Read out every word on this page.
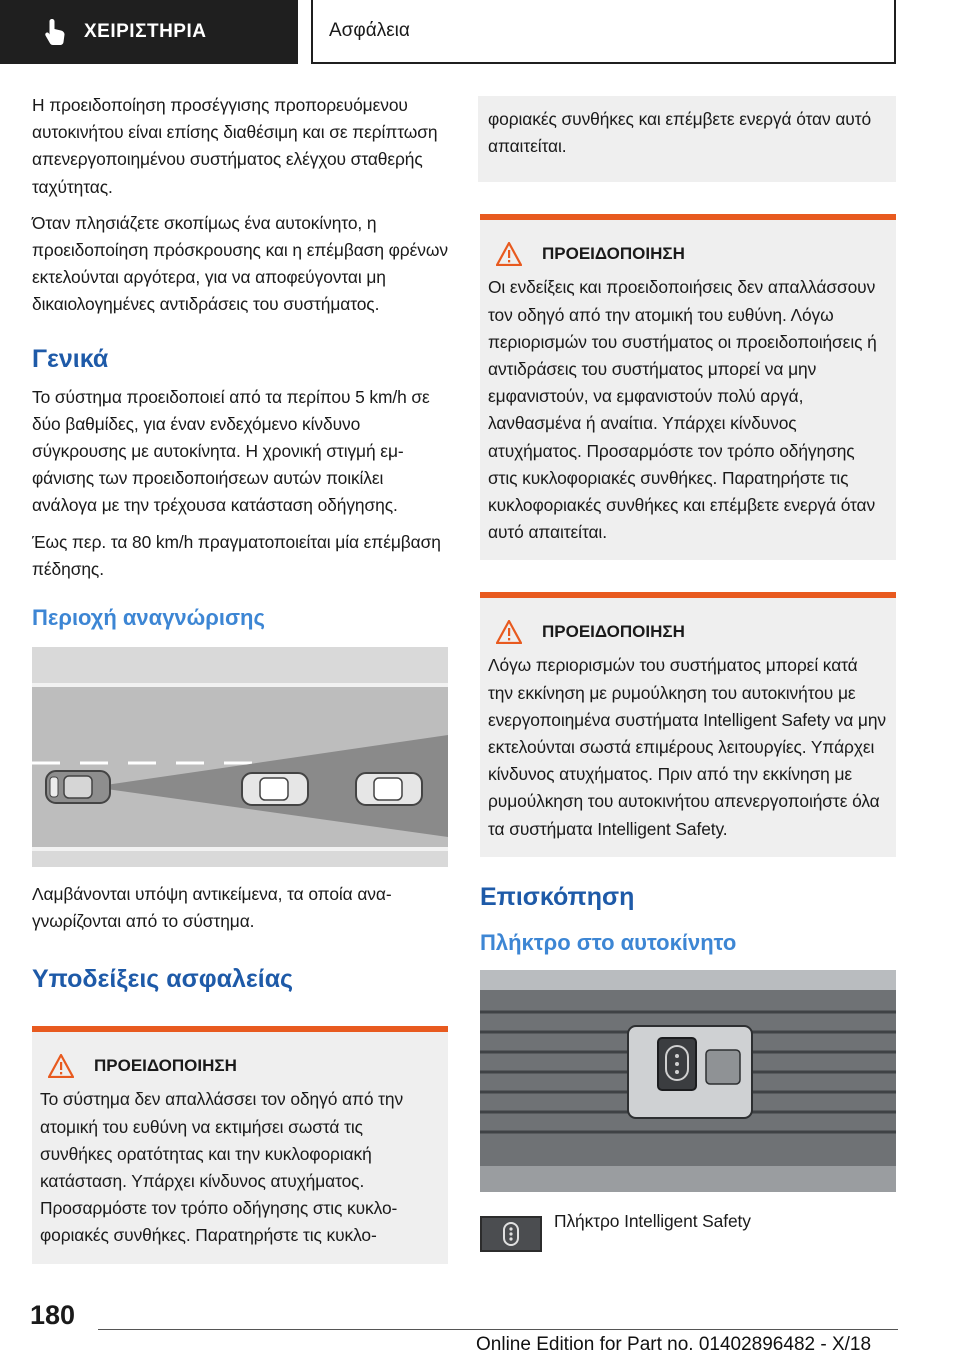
ΧΕΙΡΙΣΤΗΡΙΑ	Ασφάλεια

Η προειδοποίηση προσέγγισης προπορευόμενου αυτοκινήτου είναι επίσης διαθέσιμη και σε περίπτωση απενεργοποιημένου συστήματος ελέγχου σταθερής ταχύτητας.

Όταν πλησιάζετε σκοπίμως ένα αυτοκίνητο, η προειδοποίηση πρόσκρουσης και η επέμβαση φρένων εκτελούνται αργότερα, για να αποφεύγονται μη δικαιολογημένες αντιδράσεις του συστήματος.

Γενικά

Το σύστημα προειδοποιεί από τα περίπου 5 km/h σε δύο βαθμίδες, για έναν ενδεχόμενο κίνδυνο σύγκρουσης με αυτοκίνητα. Η χρονική στιγμή εμφάνισης των προειδοποιήσεων αυτών ποικίλει ανάλογα με την τρέχουσα κατάσταση οδήγησης.

Έως περ. τα 80 km/h πραγματοποιείται μία επέμβαση πέδησης.

Περιοχή αναγνώρισης

Λαμβάνονται υπόψη αντικείμενα, τα οποία αναγνωρίζονται από το σύστημα.

Υποδείξεις ασφαλείας
ΠΡΟΕΙΔΟΠΟΙΗΣΗ

Το σύστημα δεν απαλλάσσει τον οδηγό από την ατομική του ευθύνη να εκτιμήσει σωστά τις συνθήκες ορατότητας και την κυκλοφοριακή κατάσταση. Υπάρχει κίνδυνος ατυχήματος. Προσαρμόστε τον τρόπο οδήγησης στις κυκλοφοριακές συνθήκες. Παρατηρήστε τις κυκλο-

φοριακές συνθήκες και επέμβετε ενεργά όταν αυτό απαιτείται.

ΠΡΟΕΙΔΟΠΟΙΗΣΗ

Οι ενδείξεις και προειδοποιήσεις δεν απαλλάσσουν τον οδηγό από την ατομική του ευθύνη. Λόγω περιορισμών του συστήματος οι προειδοποιήσεις ή αντιδράσεις του συστήματος μπορεί να μην εμφανιστούν, να εμφανιστούν πολύ αργά, λανθασμένα ή αναίτια. Υπάρχει κίνδυνος ατυχήματος. Προσαρμόστε τον τρόπο οδήγησης στις κυκλοφοριακές συνθήκες. Παρατηρήστε τις κυκλοφοριακές συνθήκες και επέμβετε ενεργά όταν αυτό απαιτείται.

ΠΡΟΕΙΔΟΠΟΙΗΣΗ

Λόγω περιορισμών του συστήματος μπορεί κατά την εκκίνηση με ρυμούλκηση του αυτοκινήτου με ενεργοποιημένα συστήματα Intelligent Safety να μην εκτελούνται σωστά επιμέρους λειτουργίες. Υπάρχει κίνδυνος ατυχήματος. Πριν από την εκκίνηση με ρυμούλκηση του αυτοκινήτου απενεργοποιήστε όλα τα συστήματα Intelligent Safety.

Επισκόπηση
Πλήκτρο στο αυτοκίνητο

Πλήκτρο Intelligent Safety

180
Online Edition for Part no. 01402896482 - X/18
